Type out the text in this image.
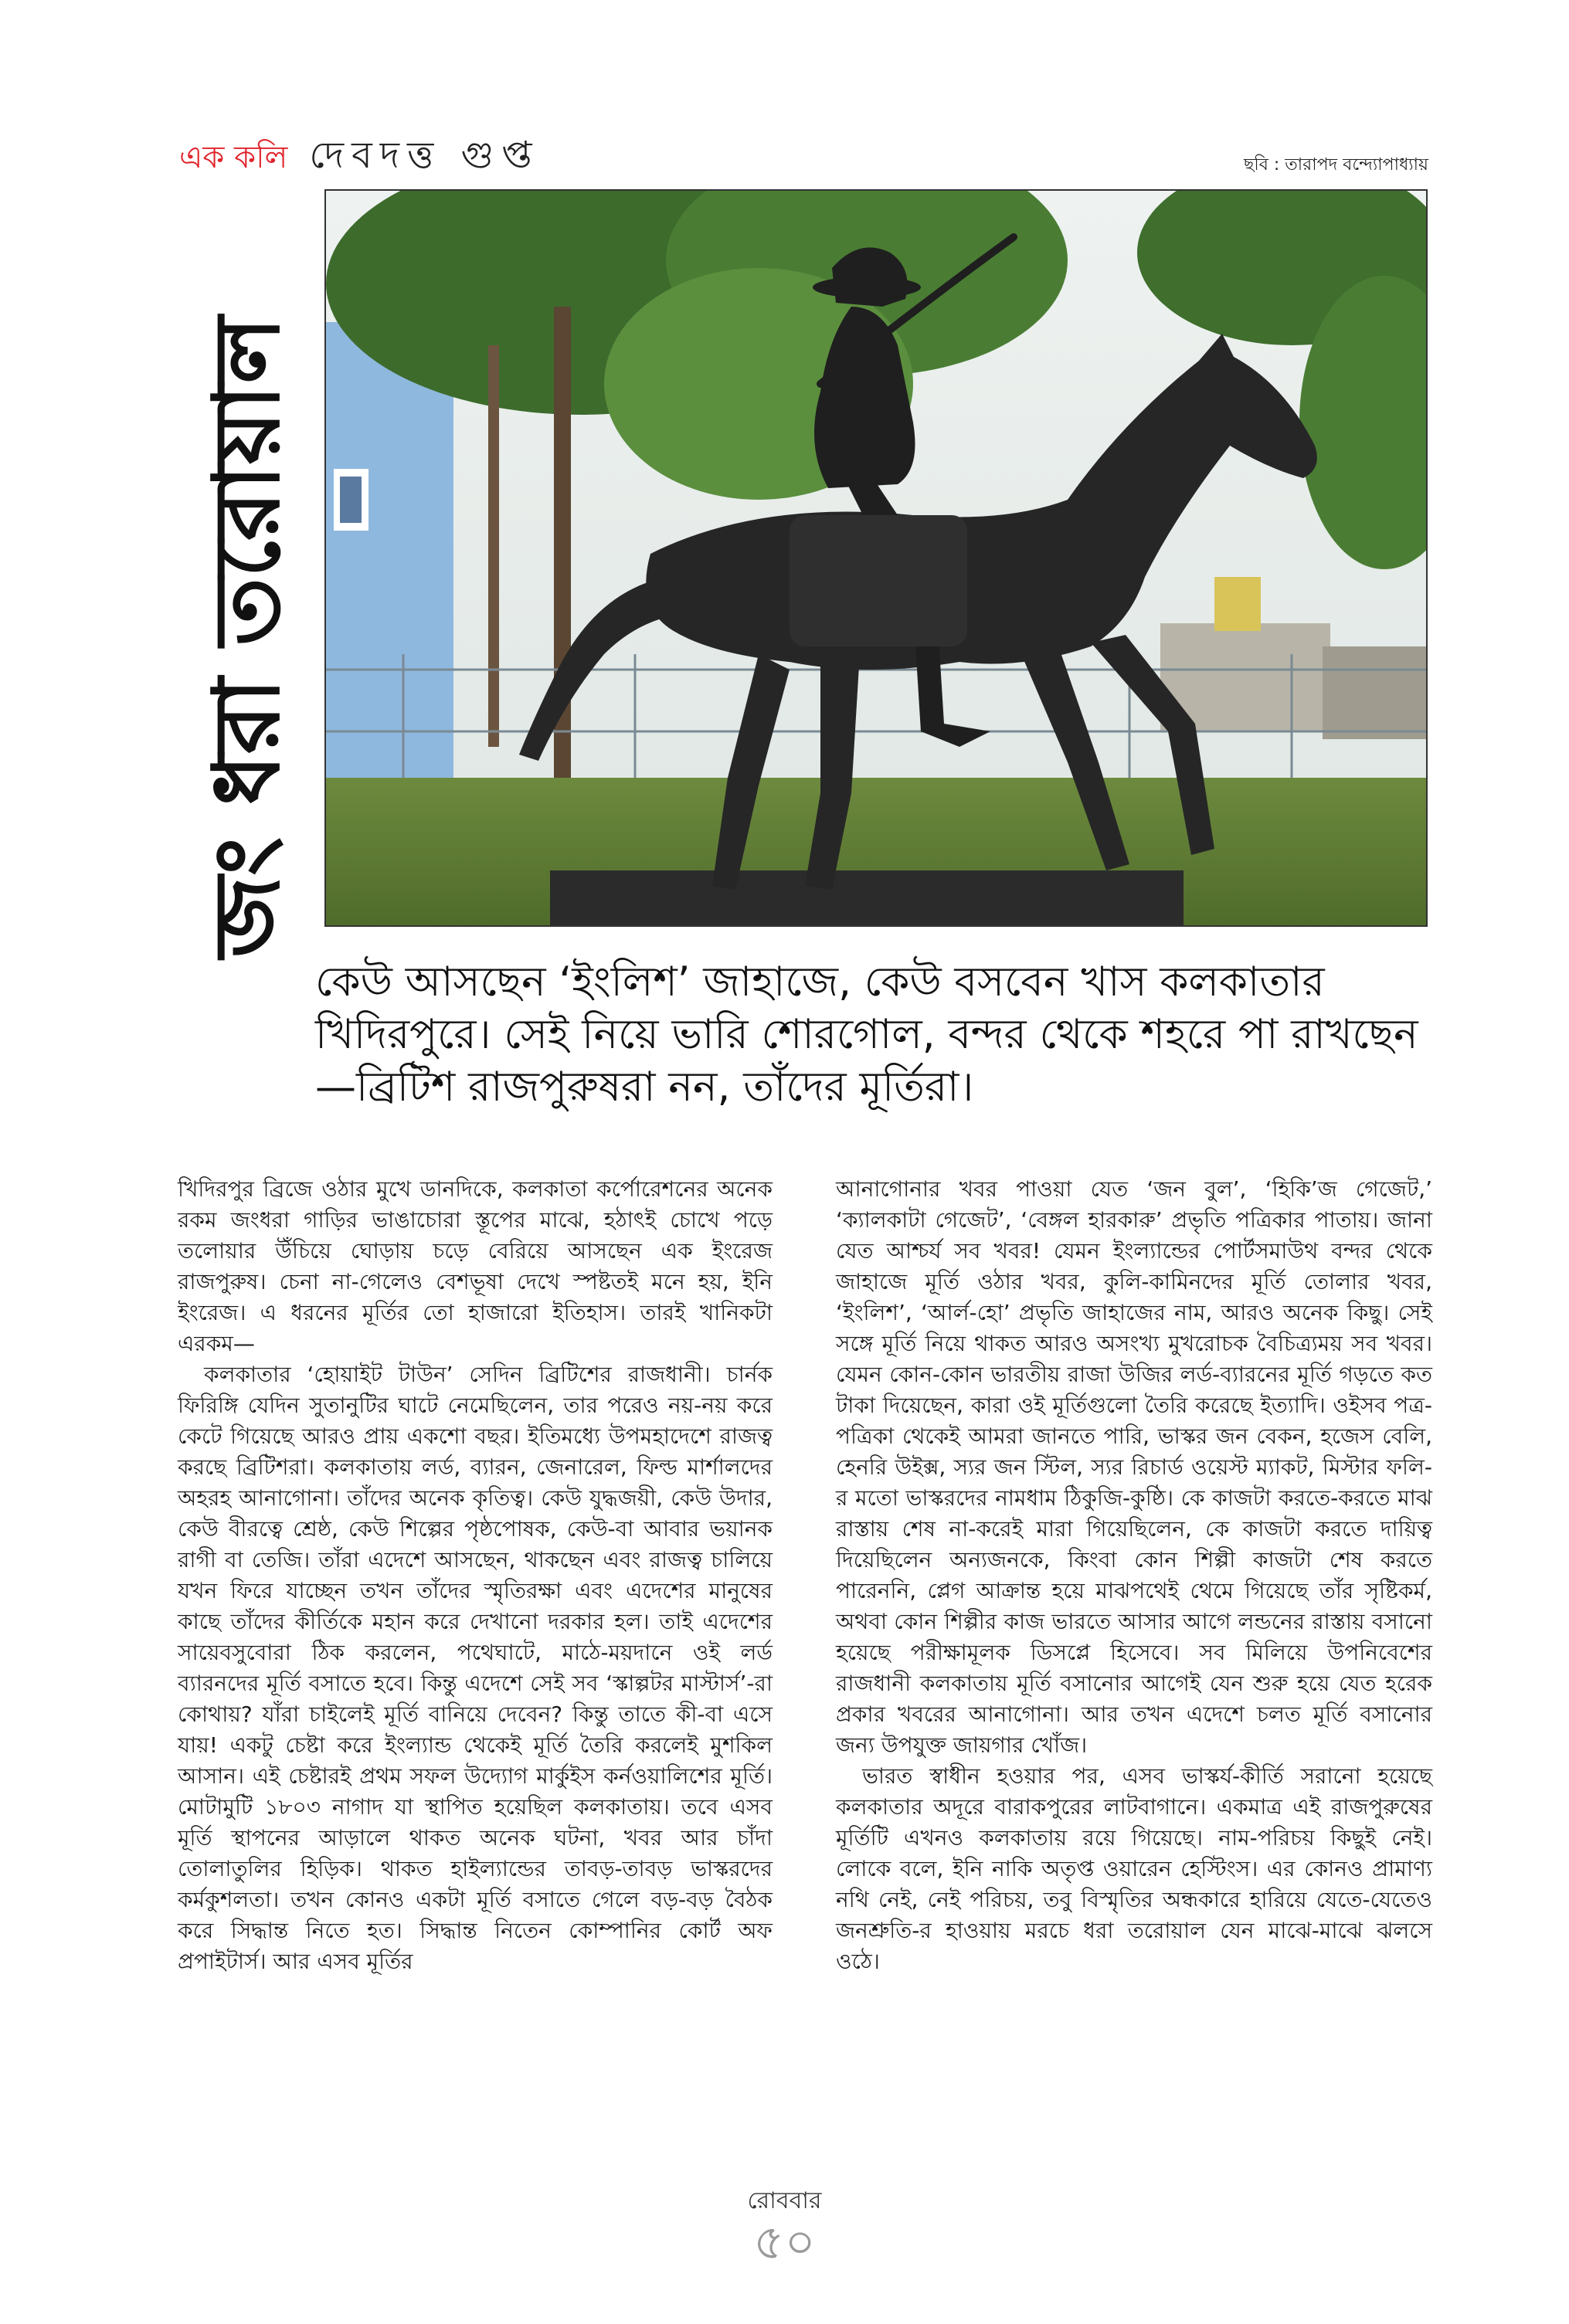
এক কলি দেবদত্ত গুপ্ত	ছবি : তারাপদ বন্দ্যোপাধ্যায়
জং ধরা তরোয়াল
কেউ আসছেন ‘ইংলিশ’ জাহাজে, কেউ বসবেন খাস কলকাতার খিদিরপুরে। সেই নিয়ে ভারি শোরগোল, বন্দর থেকে শহরে পা রাখছেন—ব্রিটিশ রাজপুরুষরা নন, তাঁদের মূর্তিরা।

খিদিরপুর ব্রিজে ওঠার মুখে ডানদিকে, কলকাতা কর্পোরেশনের অনেক রকম জংধরা গাড়ির ভাঙাচোরা স্তূপের মাঝে, হঠাৎই চোখে পড়ে তলোয়ার উঁচিয়ে ঘোড়ায় চড়ে বেরিয়ে আসছেন এক ইংরেজ রাজপুরুষ। চেনা না-গেলেও বেশভূষা দেখে স্পষ্টতই মনে হয়, ইনি ইংরেজ। এ ধরনের মূর্তির তো হাজারো ইতিহাস। তারই খানিকটা এরকম—

কলকাতার ‘হোয়াইট টাউন’ সেদিন ব্রিটিশের রাজধানী। চার্নক ফিরিঙ্গি যেদিন সুতানুটির ঘাটে নেমেছিলেন, তার পরেও নয়-নয় করে কেটে গিয়েছে আরও প্রায় একশো বছর। ইতিমধ্যে উপমহাদেশে রাজত্ব করছে ব্রিটিশরা। কলকাতায় লর্ড, ব্যারন, জেনারেল, ফিল্ড মার্শালদের অহরহ আনাগোনা। তাঁদের অনেক কৃতিত্ব। কেউ যুদ্ধজয়ী, কেউ উদার, কেউ বীরত্বে শ্রেষ্ঠ, কেউ শিল্পের পৃষ্ঠপোষক, কেউ-বা আবার ভয়ানক রাগী বা তেজি। তাঁরা এদেশে আসছেন, থাকছেন এবং রাজত্ব চালিয়ে যখন ফিরে যাচ্ছেন তখন তাঁদের স্মৃতিরক্ষা এবং এদেশের মানুষের কাছে তাঁদের কীর্তিকে মহান করে দেখানো দরকার হল। তাই এদেশের সায়েবসুবোরা ঠিক করলেন, পথেঘাটে, মাঠে-ময়দানে ওই লর্ড ব্যারনদের মূর্তি বসাতে হবে। কিন্তু এদেশে সেই সব ‘স্কাল্পটর মাস্টার্স’-রা কোথায়? যাঁরা চাইলেই মূর্তি বানিয়ে দেবেন? কিন্তু তাতে কী-বা এসে যায়! একটু চেষ্টা করে ইংল্যান্ড থেকেই মূর্তি তৈরি করলেই মুশকিল আসান। এই চেষ্টারই প্রথম সফল উদ্যোগ মার্কুইস কর্নওয়ালিশের মূর্তি। মোটামুটি ১৮০৩ নাগাদ যা স্থাপিত হয়েছিল কলকাতায়। তবে এসব মূর্তি স্থাপনের আড়ালে থাকত অনেক ঘটনা, খবর আর চাঁদা তোলাতুলির হিড়িক। থাকত হাইল্যান্ডের তাবড়-তাবড় ভাস্করদের কর্মকুশলতা। তখন কোনও একটা মূর্তি বসাতে গেলে বড়-বড় বৈঠক করে সিদ্ধান্ত নিতে হত। সিদ্ধান্ত নিতেন কোম্পানির কোর্ট অফ প্রপাইটার্স। আর এসব মূর্তির

আনাগোনার খবর পাওয়া যেত ‘জন বুল’, ‘হিকি’জ গেজেট,’ ‘ক্যালকাটা গেজেট’, ‘বেঙ্গল হারকারু’ প্রভৃতি পত্রিকার পাতায়। জানা যেত আশ্চর্য সব খবর! যেমন ইংল্যান্ডের পোর্টসমাউথ বন্দর থেকে জাহাজে মূর্তি ওঠার খবর, কুলি-কামিনদের মূর্তি তোলার খবর, ‘ইংলিশ’, ‘আর্ল-হো’ প্রভৃতি জাহাজের নাম, আরও অনেক কিছু। সেই সঙ্গে মূর্তি নিয়ে থাকত আরও অসংখ্য মুখরোচক বৈচিত্র্যময় সব খবর। যেমন কোন-কোন ভারতীয় রাজা উজির লর্ড-ব্যারনের মূর্তি গড়তে কত টাকা দিয়েছেন, কারা ওই মূর্তিগুলো তৈরি করেছে ইত্যাদি। ওইসব পত্র-পত্রিকা থেকেই আমরা জানতে পারি, ভাস্কর জন বেকন, হজেস বেলি, হেনরি উইক্স, স্যর জন স্টিল, স্যর রিচার্ড ওয়েস্ট ম্যাকট, মিস্টার ফলি-র মতো ভাস্করদের নামধাম ঠিকুজি-কুষ্ঠি। কে কাজটা করতে-করতে মাঝ রাস্তায় শেষ না-করেই মারা গিয়েছিলেন, কে কাজটা করতে দায়িত্ব দিয়েছিলেন অন্যজনকে, কিংবা কোন শিল্পী কাজটা শেষ করতে পারেননি, প্লেগ আক্রান্ত হয়ে মাঝপথেই থেমে গিয়েছে তাঁর সৃষ্টিকর্ম, অথবা কোন শিল্পীর কাজ ভারতে আসার আগে লন্ডনের রাস্তায় বসানো হয়েছে পরীক্ষামূলক ডিসপ্লে হিসেবে। সব মিলিয়ে উপনিবেশের রাজধানী কলকাতায় মূর্তি বসানোর আগেই যেন শুরু হয়ে যেত হরেক প্রকার খবরের আনাগোনা। আর তখন এদেশে চলত মূর্তি বসানোর জন্য উপযুক্ত জায়গার খোঁজ।

ভারত স্বাধীন হওয়ার পর, এসব ভাস্কর্য-কীর্তি সরানো হয়েছে কলকাতার অদূরে বারাকপুরের লাটবাগানে। একমাত্র এই রাজপুরুষের মূর্তিটি এখনও কলকাতায় রয়ে গিয়েছে। নাম-পরিচয় কিছুই নেই। লোকে বলে, ইনি নাকি অতৃপ্ত ওয়ারেন হেস্টিংস। এর কোনও প্রামাণ্য নথি নেই, নেই পরিচয়, তবু বিস্মৃতির অন্ধকারে হারিয়ে যেতে-যেতেও জনশ্রুতি-র হাওয়ায় মরচে ধরা তরোয়াল যেন মাঝে-মাঝে ঝলসে ওঠে।

রোববার
৫০
